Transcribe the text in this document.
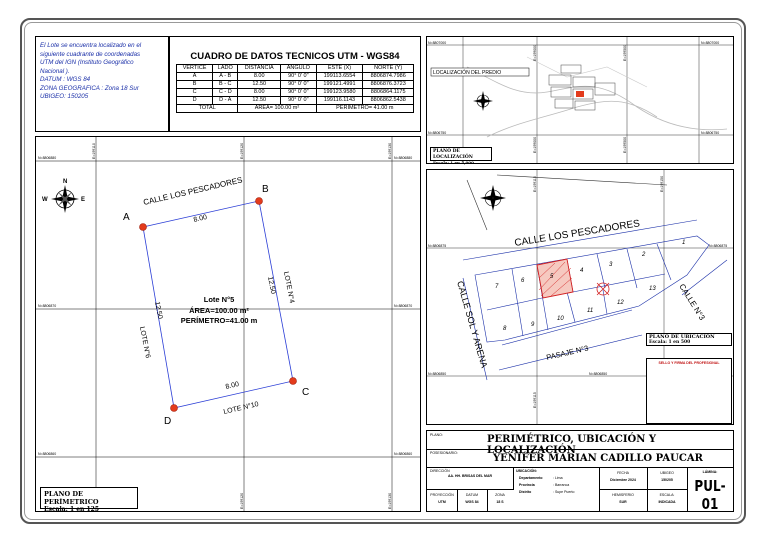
El Lote se encuentra localizado en el
siguiente cuadrante de coordenadas
UTM del IGN (Instituto Geográfico
Nacional ).
DATUM : WGS 84
ZONA GEOGRAFICA : Zona 18 Sur
UBIGEO: 150205
CUADRO DE DATOS TECNICOS UTM - WGS84
VERTICE	LADO	DISTANCIA	ANGULO	ESTE (X)	NORTE (Y)
A	A - B	8.00	90° 0' 0"	199113.6554	8806874.7986
B	B - C	12.50	90° 0' 0"	199121.4991	8806876.3723
C	C - D	8.00	90° 0' 0"	199123.9580	8806864.1175
D	D - A	12.50	90° 0' 0"	199116.1143	8806862.5438
TOTAL		ÁREA= 100.00 m²		PERIMETRO= 41.00 m	
N=8806880	N=8806880
N=8806870	N=8806870
N=8806860	N=8806860
E=199110	E=199120	E=199130
E=199120	E=199130
N
E
W
A
B
C
D
CALLE LOS PESCADORES
8.00
12.50 LOTE N°4
8.00
LOTE N°10
LOTE N°6
12.50
Lote N°5
ÁREA=100.00 m²
PERÍMETRO=41.00 m
PLANO DE PERÍMETRICO
Escala: 1 en 125
LOCALIZACIÓN DEL PREDIO
N=8807000	N=8807000
N=8806750	N=8806750
E=199000	E=199500
E=199000	E=199500
PLANO DE LOCALIZACIÓN
Escala: 1 en 5,000
N=8806875	N=8806875
N=8806850	N=8806850
E=199115	E=199150
E=199115
1
2
3
4
5
6
7
8
9
10
11
12
13
CALLE LOS PESCADORES
CALLE SOL Y ARENA	CALLE N°3
PASAJE N°3
PLANO DE UBICACIÓN
Escala: 1 en 500
SELLO Y FIRMA DEL PROFESIONAL
PLANO:	PERIMÉTRICO, UBICACIÓN Y LOCALIZACIÓN
POSESIONARIO:	YENIFER MARIAN CADILLO PAUCAR
DIRECCIÓN
AA. HH. BRISAS DEL MAR
UBICACIÓN:
Departamento	: Lima
Provincia	: Barranca
Distrito	: Supe Puerto
FECHA
Diciembre 2024
UBIGEO
150205
LÁMINA:
PUL-01
PROYECCIÓN
UTM
DATUM
WGS 84
ZONA
18 S
HEMISFERIO
SUR
ESCALA:
INDICADA
